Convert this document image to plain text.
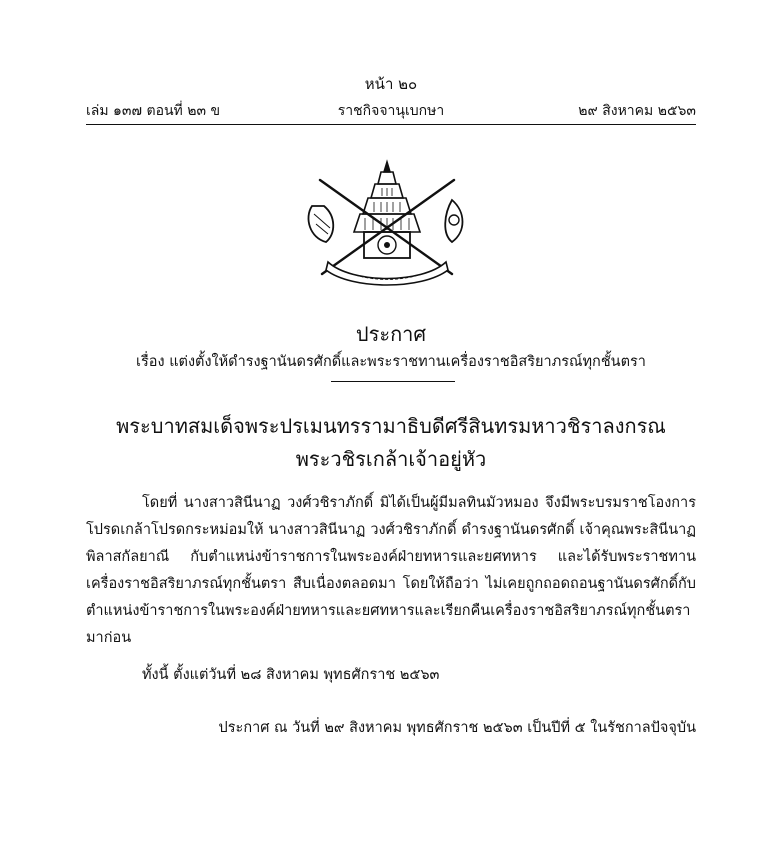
หน้า ๒๐
เล่ม ๑๓๗ ตอนที่ ๒๓ ข	ราชกิจจานุเบกษา	๒๙ สิงหาคม ๒๕๖๓
ประกาศ
เรื่อง แต่งตั้งให้ดำรงฐานันดรศักดิ์และพระราชทานเครื่องราชอิสริยาภรณ์ทุกชั้นตรา
พระบาทสมเด็จพระปรเมนทรรามาธิบดีศรีสินทรมหาวชิราลงกรณ
พระวชิรเกล้าเจ้าอยู่หัว

โดยที่ นางสาวสินีนาฏ วงศ์วชิราภักดิ์ มิได้เป็นผู้มีมลทินมัวหมอง จึงมีพระบรมราชโองการโปรดเกล้าโปรดกระหม่อมให้ นางสาวสินีนาฏ วงศ์วชิราภักดิ์ ดำรงฐานันดรศักดิ์ เจ้าคุณพระสินีนาฏพิลาสกัลยาณี กับตำแหน่งข้าราชการในพระองค์ฝ่ายทหารและยศทหาร และได้รับพระราชทานเครื่องราชอิสริยาภรณ์ทุกชั้นตรา สืบเนื่องตลอดมา โดยให้ถือว่า ไม่เคยถูกถอดถอนฐานันดรศักดิ์กับตำแหน่งข้าราชการในพระองค์ฝ่ายทหารและยศทหารและเรียกคืนเครื่องราชอิสริยาภรณ์ทุกชั้นตรามาก่อน

ทั้งนี้ ตั้งแต่วันที่ ๒๘ สิงหาคม พุทธศักราช ๒๕๖๓
ประกาศ ณ วันที่ ๒๙ สิงหาคม พุทธศักราช ๒๕๖๓ เป็นปีที่ ๕ ในรัชกาลปัจจุบัน
